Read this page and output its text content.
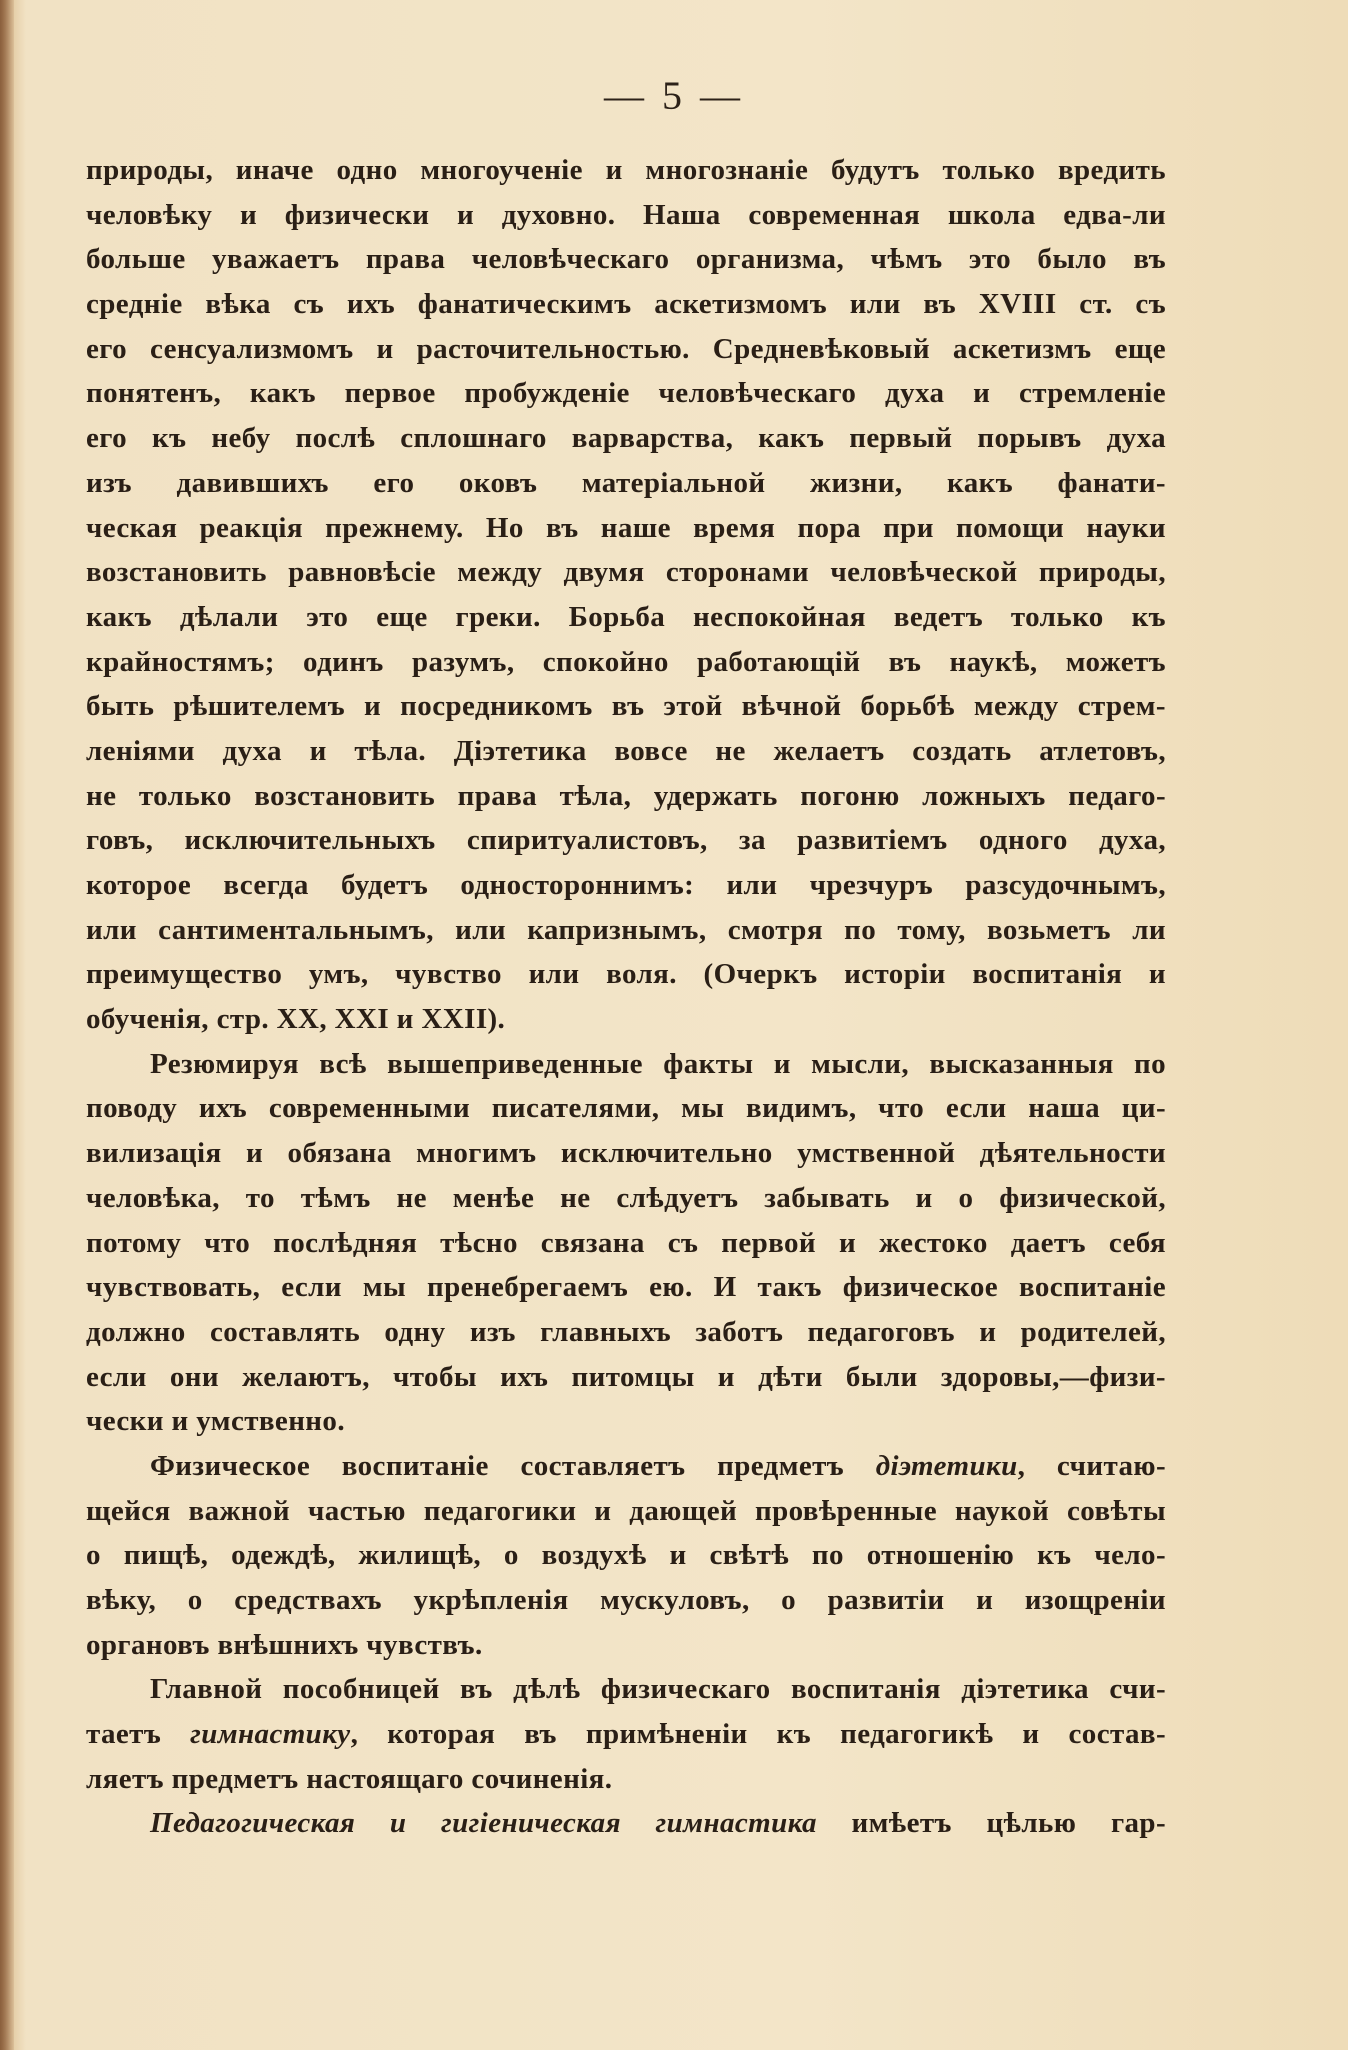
— 5 —
природы, иначе одно многоученіе и многознаніе будутъ только вредить
человѣку и физически и духовно. Наша современная школа едва-ли
больше уважаетъ права человѣческаго организма, чѣмъ это было въ
средніе вѣка съ ихъ фанатическимъ аскетизмомъ или въ XVIII ст. съ
его сенсуализмомъ и расточительностью. Средневѣковый аскетизмъ еще
понятенъ, какъ первое пробужденіе человѣческаго духа и стремленіе
его къ небу послѣ сплошнаго варварства, какъ первый порывъ духа
изъ давившихъ его оковъ матеріальной жизни, какъ фанати-
ческая реакція прежнему. Но въ наше время пора при помощи науки
возстановить равновѣсіе между двумя сторонами человѣческой природы,
какъ дѣлали это еще греки. Борьба неспокойная ведетъ только къ
крайностямъ; одинъ разумъ, спокойно работающій въ наукѣ, можетъ
быть рѣшителемъ и посредникомъ въ этой вѣчной борьбѣ между стрем-
леніями духа и тѣла. Діэтетика вовсе не желаетъ создать атлетовъ,
не только возстановить права тѣла, удержать погоню ложныхъ педаго-
говъ, исключительныхъ спиритуалистовъ, за развитіемъ одного духа,
которое всегда будетъ одностороннимъ: или чрезчуръ разсудочнымъ,
или сантиментальнымъ, или капризнымъ, смотря по тому, возьметъ ли
преимущество умъ, чувство или воля. (Очеркъ исторіи воспитанія и
обученія, стр. XX, XXI и XXII).
Резюмируя всѣ вышеприведенные факты и мысли, высказанныя по
поводу ихъ современными писателями, мы видимъ, что если наша ци-
вилизація и обязана многимъ исключительно умственной дѣятельности
человѣка, то тѣмъ не менѣе не слѣдуетъ забывать и о физической,
потому что послѣдняя тѣсно связана съ первой и жестоко даетъ себя
чувствовать, если мы пренебрегаемъ ею. И такъ физическое воспитаніе
должно составлять одну изъ главныхъ заботъ педагоговъ и родителей,
если они желаютъ, чтобы ихъ питомцы и дѣти были здоровы,—физи-
чески и умственно.
Физическое воспитаніе составляетъ предметъ діэтетики, считаю-
щейся важной частью педагогики и дающей провѣренные наукой совѣты
о пищѣ, одеждѣ, жилищѣ, о воздухѣ и свѣтѣ по отношенію къ чело-
вѣку, о средствахъ укрѣпленія мускуловъ, о развитіи и изощреніи
органовъ внѣшнихъ чувствъ.
Главной пособницей въ дѣлѣ физическаго воспитанія діэтетика счи-
таетъ гимнастику, которая въ примѣненіи къ педагогикѣ и состав-
ляетъ предметъ настоящаго сочиненія.
Педагогическая и гигіеническая гимнастика имѣетъ цѣлью гар-
